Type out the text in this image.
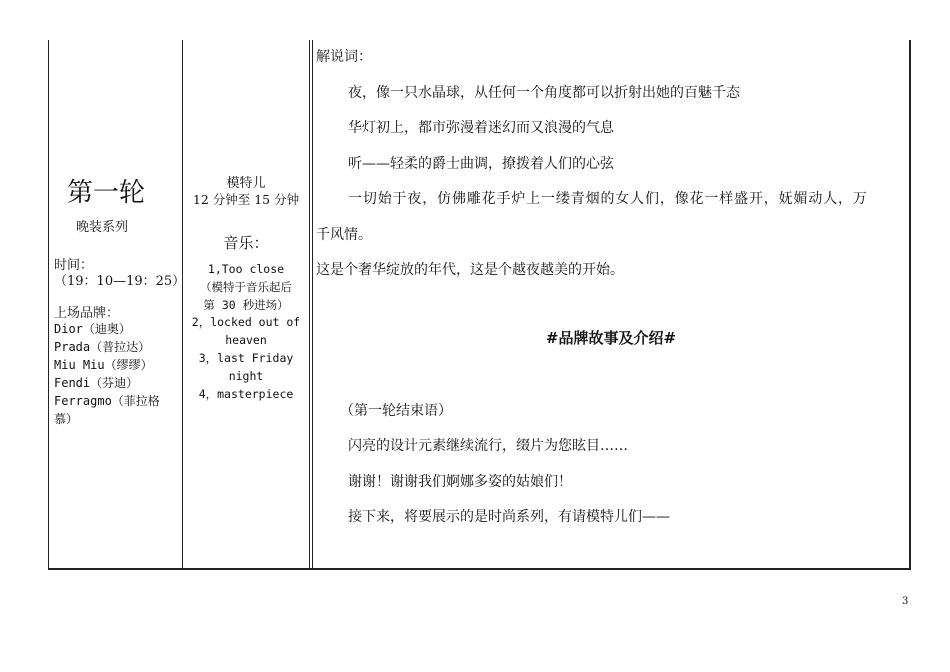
第一轮
晚装系列
时间：
（19：10—19：25）
上场品牌：
Dior（迪奥）
Prada（普拉达）
Miu Miu（缪缪）
Fendi（芬迪）
Ferragmo（菲拉格
慕）
模特儿
12 分钟至 15 分钟
音乐：
1,Too close
（模特于音乐起后
第 30 秒进场）
2，locked out of
heaven
3，last Friday
night
4，masterpiece
解说词：
夜，像一只水晶球，从任何一个角度都可以折射出她的百魅千态
华灯初上，都市弥漫着迷幻而又浪漫的气息
听——轻柔的爵士曲调，撩拨着人们的心弦
一切始于夜，仿佛雕花手炉上一缕青烟的女人们，像花一样盛开，妩媚动人，万
千风情。
这是个奢华绽放的年代，这是个越夜越美的开始。
#品牌故事及介绍#
（第一轮结束语）
闪亮的设计元素继续流行，缀片为您眩目……
谢谢！谢谢我们婀娜多姿的姑娘们！
接下来，将要展示的是时尚系列，有请模特儿们——
3
